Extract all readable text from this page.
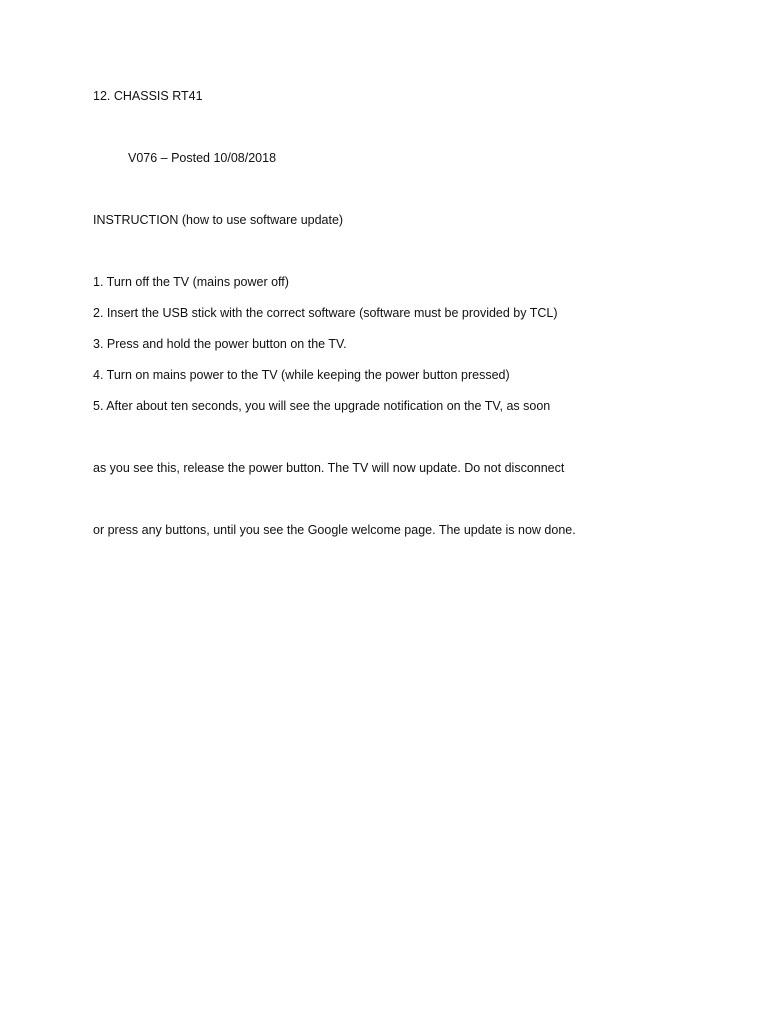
12. CHASSIS RT41
V076 – Posted 10/08/2018
INSTRUCTION (how to use software update)
1. Turn off the TV (mains power off)
2. Insert the USB stick with the correct software (software must be provided by TCL)
3. Press and hold the power button on the TV.
4. Turn on mains power to the TV (while keeping the power button pressed)
5. After about ten seconds, you will see the upgrade notification on the TV, as soon
as you see this, release the power button. The TV will now update. Do not disconnect
or press any buttons, until you see the Google welcome page. The update is now done.
